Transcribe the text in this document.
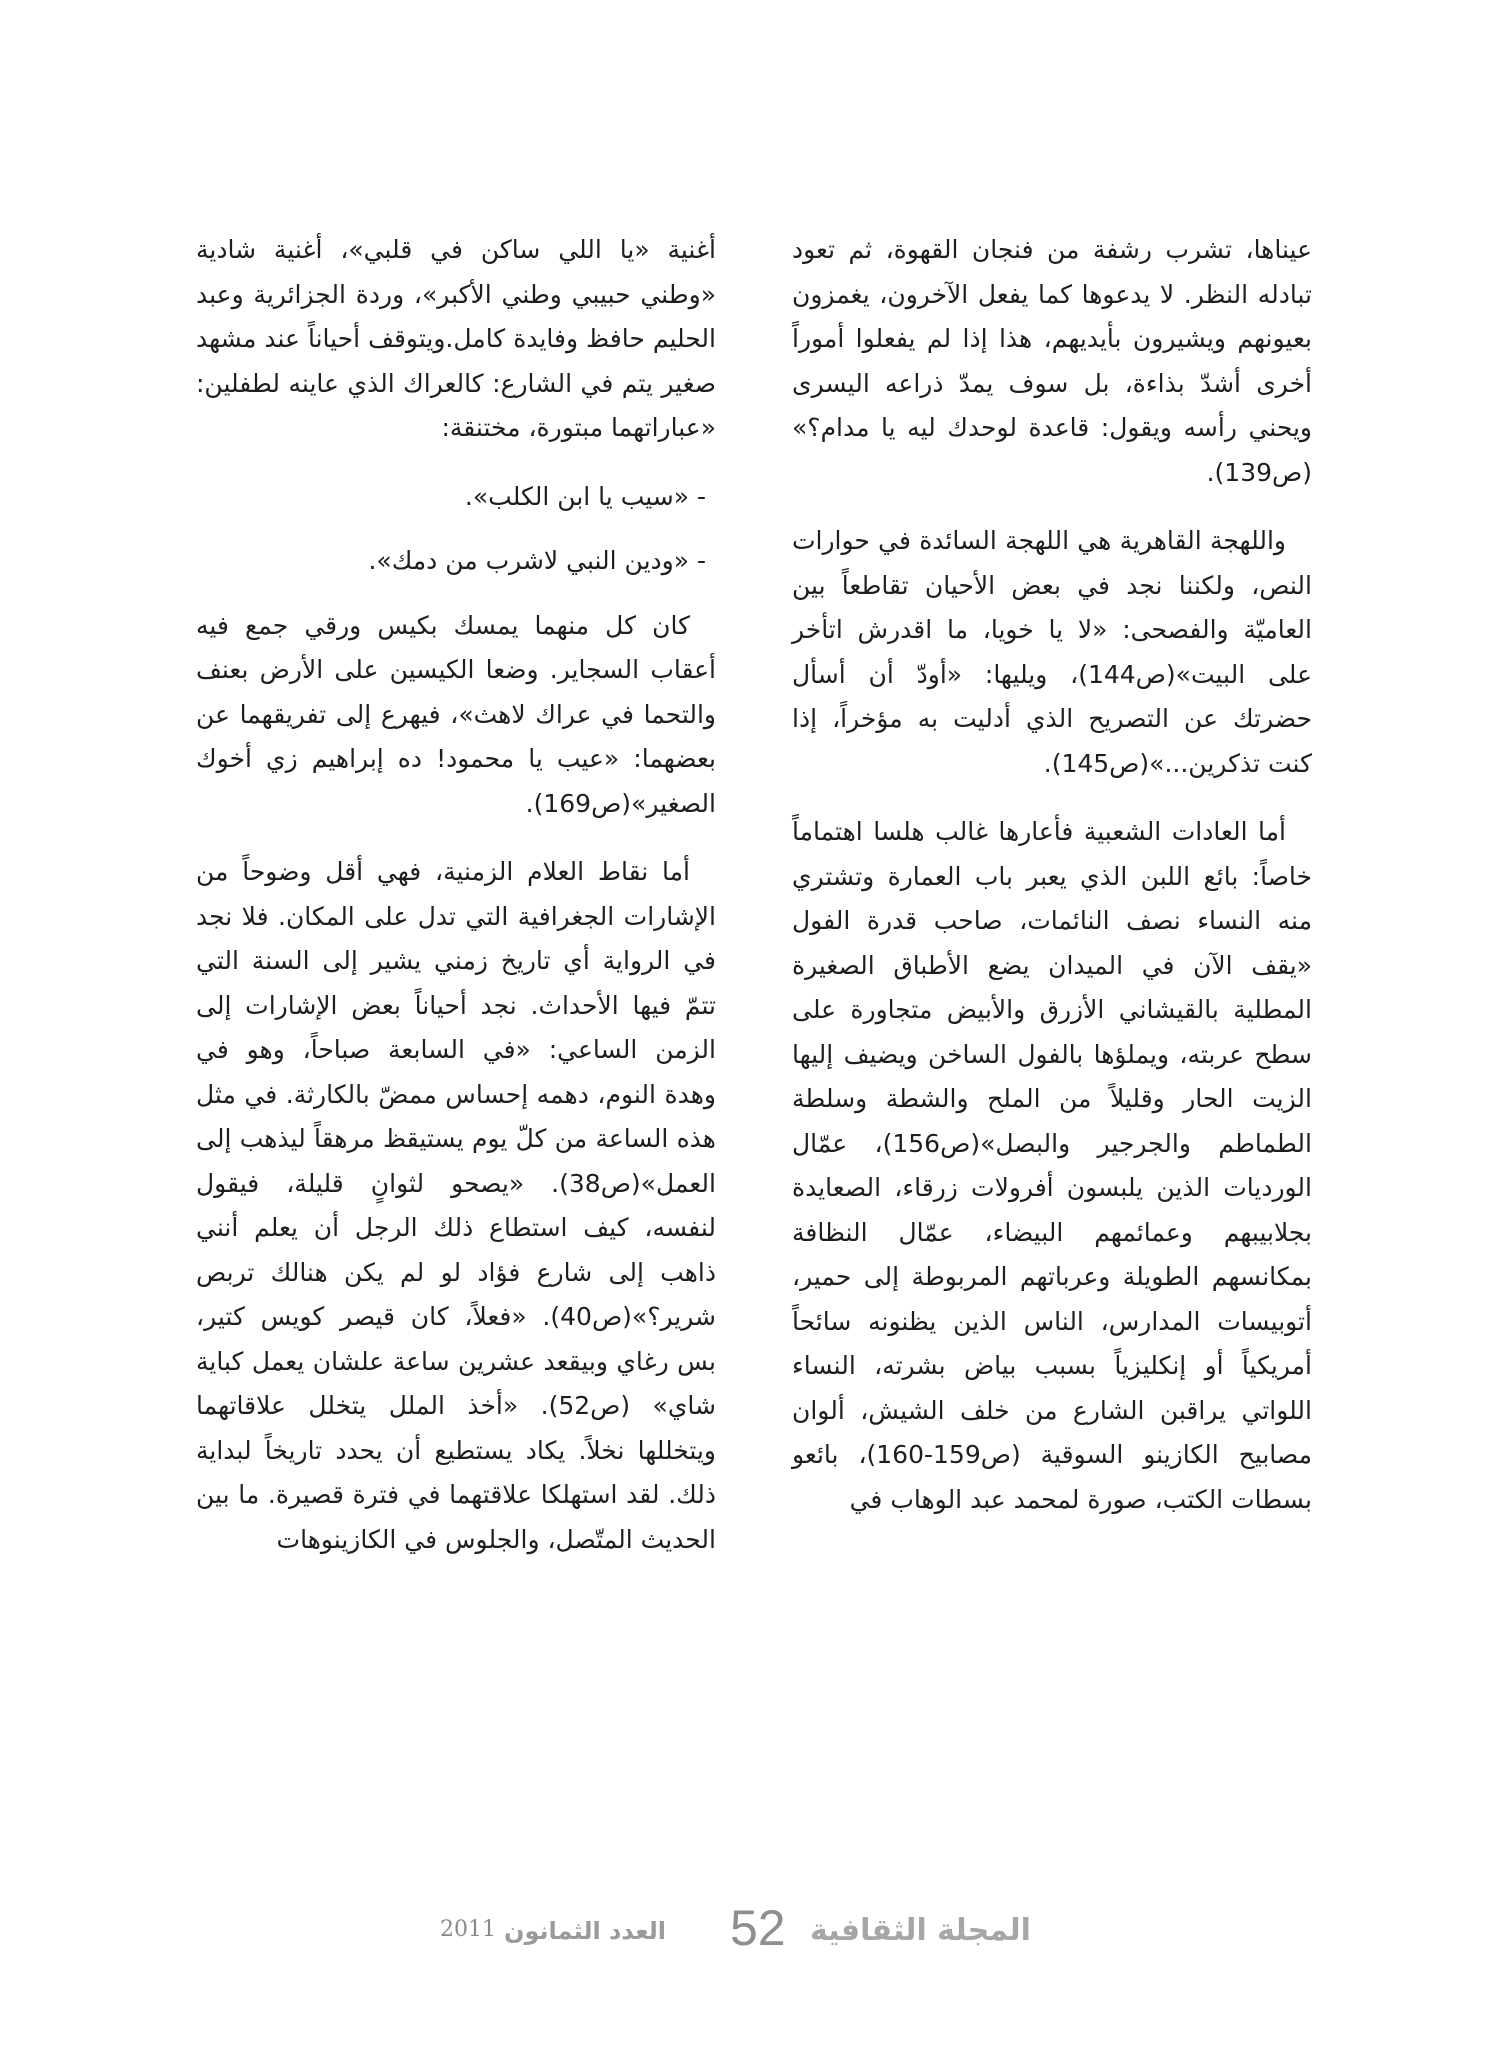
عيناها، تشرب رشفة من فنجان القهوة، ثم تعود تبادله النظر. لا يدعوها كما يفعل الآخرون، يغمزون بعيونهم ويشيرون بأيديهم، هذا إذا لم يفعلوا أموراً أخرى أشدّ بذاءة، بل سوف يمدّ ذراعه اليسرى ويحني رأسه ويقول: قاعدة لوحدك ليه يا مدام؟» (ص139).

واللهجة القاهرية هي اللهجة السائدة في حوارات النص، ولكننا نجد في بعض الأحيان تقاطعاً بين العاميّة والفصحى: «لا يا خويا، ما اقدرش اتأخر على البيت»(ص144)، ويليها: «أودّ أن أسأل حضرتك عن التصريح الذي أدليت به مؤخراً، إذا كنت تذكرين...»(ص145).

أما العادات الشعبية فأعارها غالب هلسا اهتماماً خاصاً: بائع اللبن الذي يعبر باب العمارة وتشتري منه النساء نصف النائمات، صاحب قدرة الفول «يقف الآن في الميدان يضع الأطباق الصغيرة المطلية بالقيشاني الأزرق والأبيض متجاورة على سطح عربته، ويملؤها بالفول الساخن ويضيف إليها الزيت الحار وقليلاً من الملح والشطة وسلطة الطماطم والجرجير والبصل»(ص156)، عمّال الورديات الذين يلبسون أفرولات زرقاء، الصعايدة بجلابيبهم وعمائمهم البيضاء، عمّال النظافة بمكانسهم الطويلة وعرباتهم المربوطة إلى حمير، أتوبيسات المدارس، الناس الذين يظنونه سائحاً أمريكياً أو إنكليزياً بسبب بياض بشرته، النساء اللواتي يراقبن الشارع من خلف الشيش، ألوان مصابيح الكازينو السوقية (ص159-160)، بائعو بسطات الكتب، صورة لمحمد عبد الوهاب في

أغنية «يا اللي ساكن في قلبي»، أغنية شادية «وطني حبيبي وطني الأكبر»، وردة الجزائرية وعبد الحليم حافظ وفايدة كامل.ويتوقف أحياناً عند مشهد صغير يتم في الشارع: كالعراك الذي عاينه لطفلين: «عباراتهما مبتورة، مختنقة:

- «سيب يا ابن الكلب».

- «ودين النبي لاشرب من دمك».

كان كل منهما يمسك بكيس ورقي جمع فيه أعقاب السجاير. وضعا الكيسين على الأرض بعنف والتحما في عراك لاهث»، فيهرع إلى تفريقهما عن بعضهما: «عيب يا محمود! ده إبراهيم زي أخوك الصغير»(ص169).

أما نقاط العلام الزمنية، فهي أقل وضوحاً من الإشارات الجغرافية التي تدل على المكان. فلا نجد في الرواية أي تاريخ زمني يشير إلى السنة التي تتمّ فيها الأحداث. نجد أحياناً بعض الإشارات إلى الزمن الساعي: «في السابعة صباحاً، وهو في وهدة النوم، دهمه إحساس ممضّ بالكارثة. في مثل هذه الساعة من كلّ يوم يستيقظ مرهقاً ليذهب إلى العمل»(ص38). «يصحو لثوانٍ قليلة، فيقول لنفسه، كيف استطاع ذلك الرجل أن يعلم أنني ذاهب إلى شارع فؤاد لو لم يكن هنالك تربص شرير؟»(ص40). «فعلاً، كان قيصر كويس كتير، بس رغاي وبيقعد عشرين ساعة علشان يعمل كباية شاي» (ص52). «أخذ الملل يتخلل علاقاتهما ويتخللها نخلاً. يكاد يستطيع أن يحدد تاريخاً لبداية ذلك. لقد استهلكا علاقتهما في فترة قصيرة. ما بين الحديث المتّصل، والجلوس في الكازينوهات

2011 العدد الثمانون 52 المجلة الثقافية
